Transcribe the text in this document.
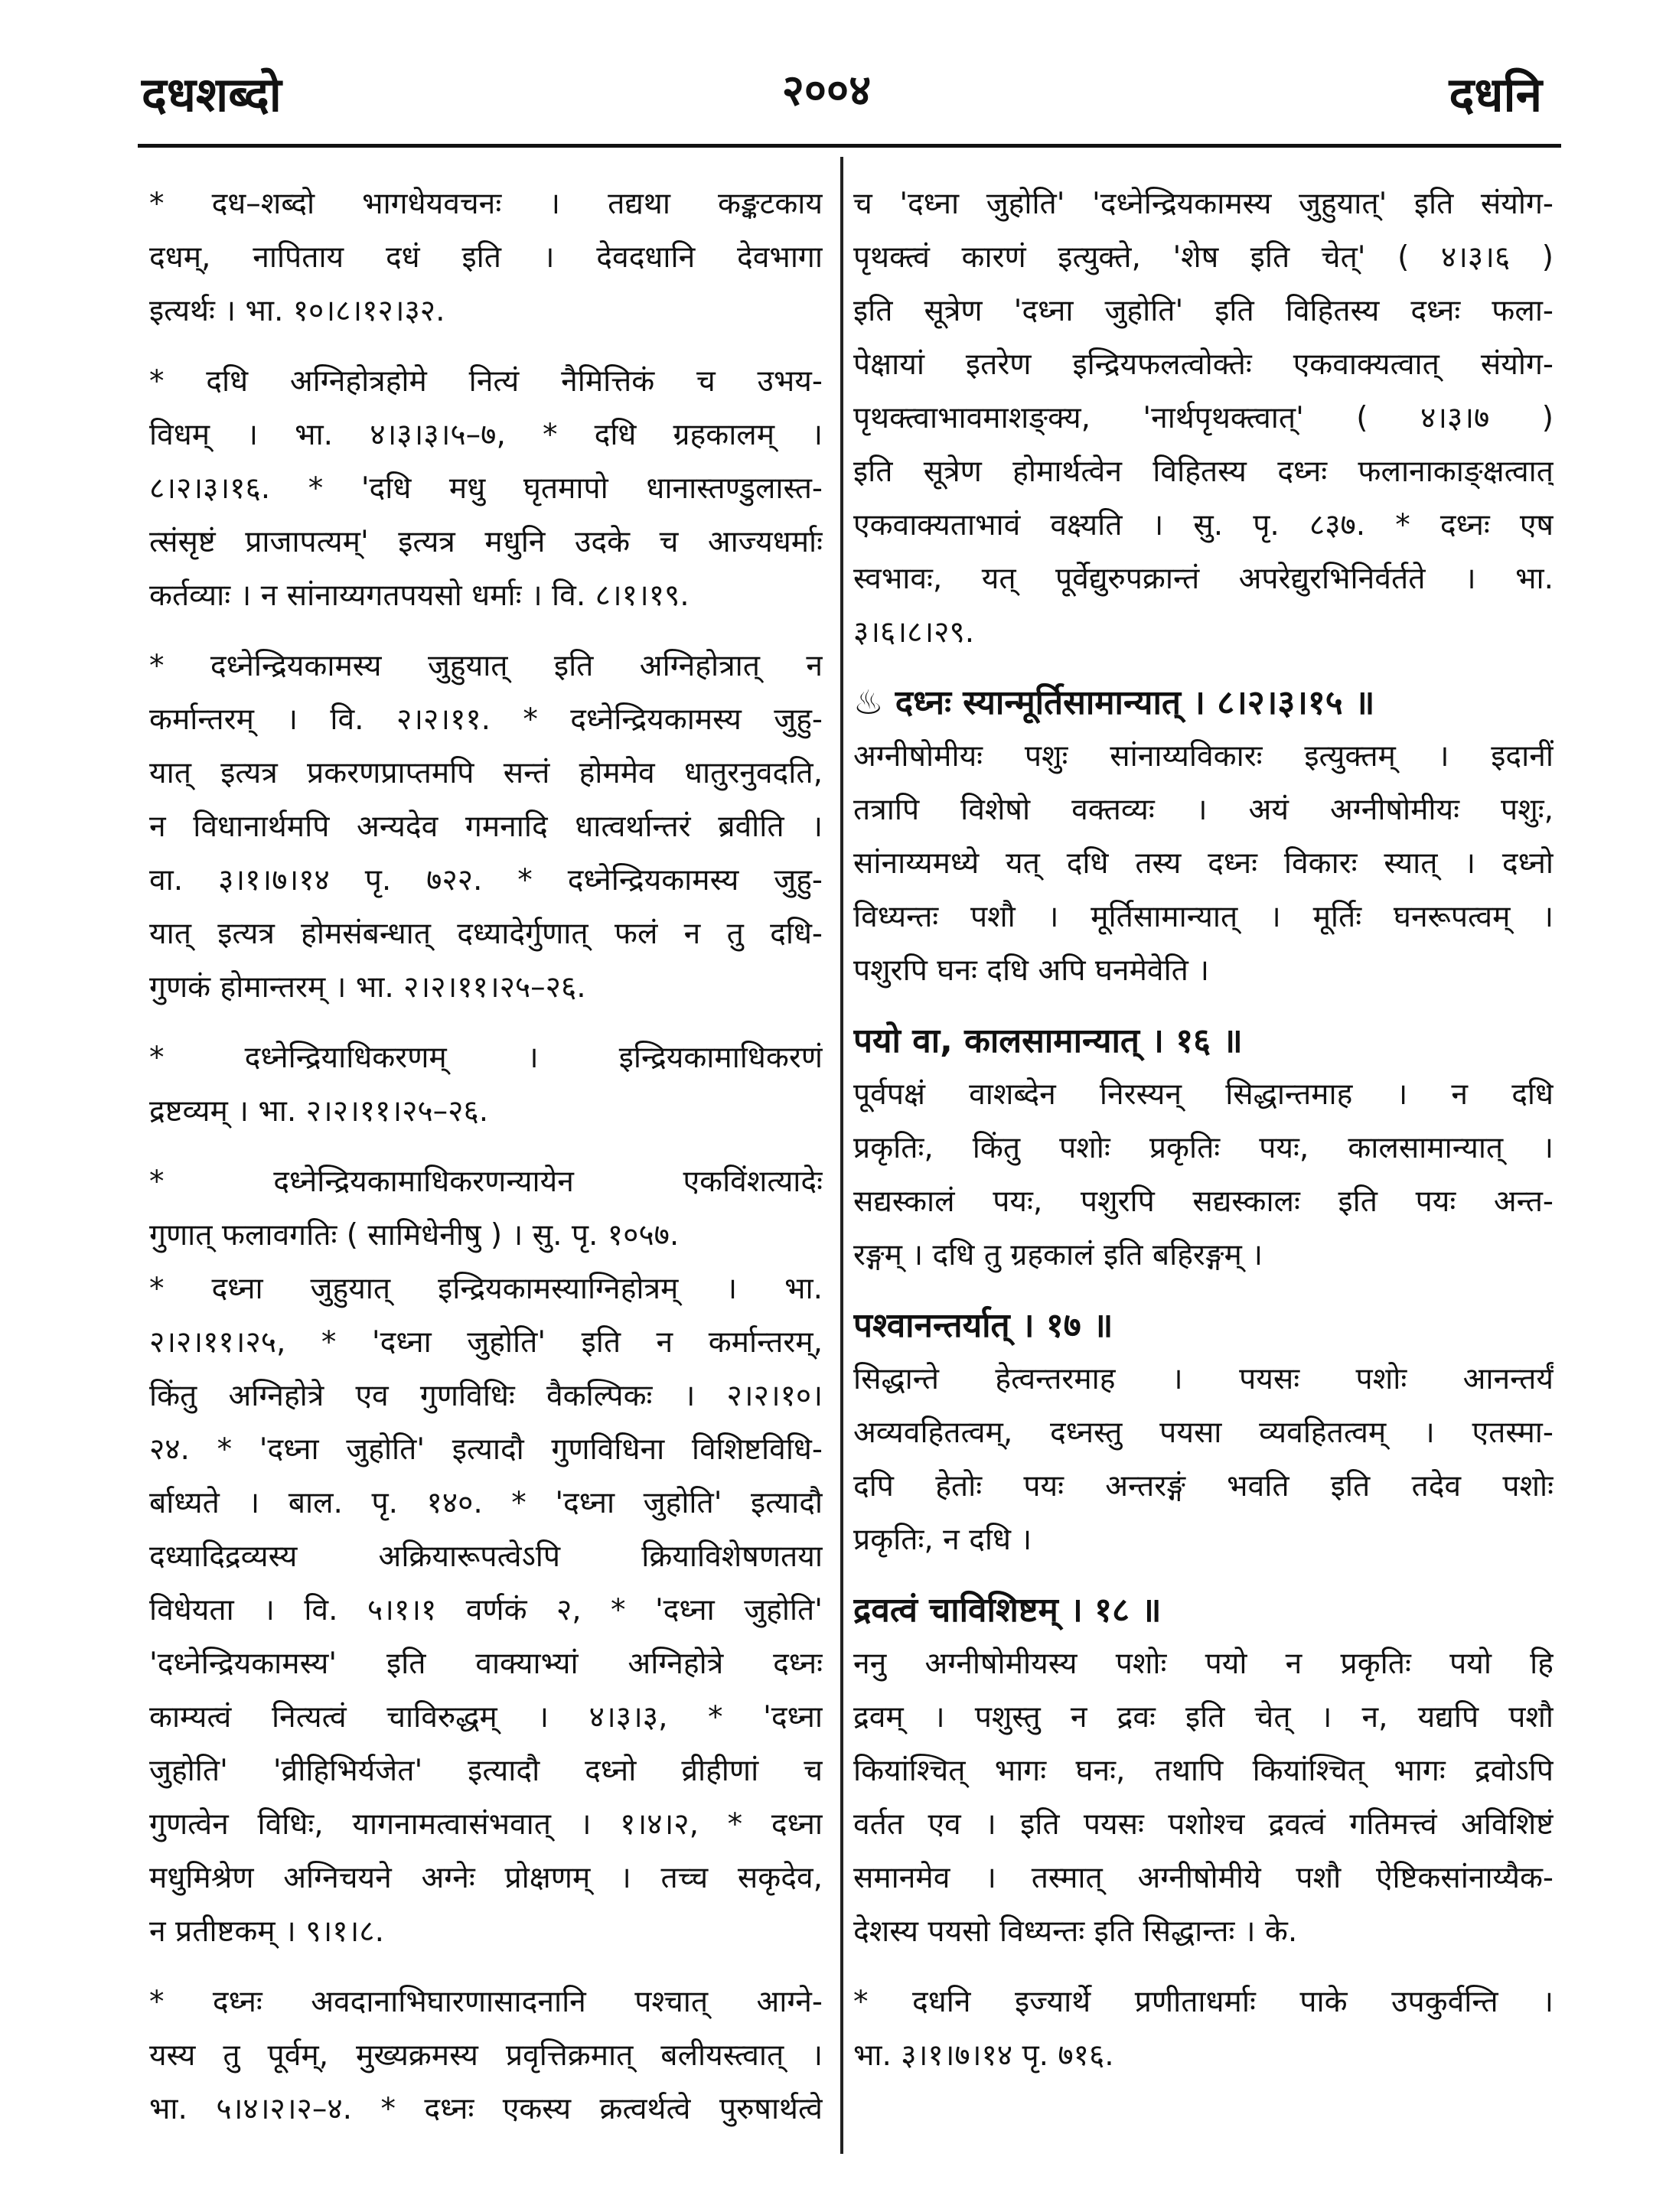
दधशब्दो	२००४	दधनि
* दध–शब्दो भागधेयवचनः । तद्यथा कङ्कटकाय
दधम्, नापिताय दधं इति । देवदधानि देवभागा
इत्यर्थः । भा. १०।८।१२।३२.
* दधि अग्निहोत्रहोमे नित्यं नैमित्तिकं च उभय-
विधम् । भा. ४।३।३।५–७, * दधि ग्रहकालम् ।
८।२।३।१६. * 'दधि मधु घृतमापो धानास्तण्डुलास्त-
त्संसृष्टं प्राजापत्यम्' इत्यत्र मधुनि उदके च आज्यधर्माः
कर्तव्याः । न सांनाय्यगतपयसो धर्माः । वि. ८।१।१९.
* दध्नेन्द्रियकामस्य जुहुयात् इति अग्निहोत्रात् न
कर्मान्तरम् । वि. २।२।११. * दध्नेन्द्रियकामस्य जुहु-
यात् इत्यत्र प्रकरणप्राप्तमपि सन्तं होममेव धातुरनुवदति,
न विधानार्थमपि अन्यदेव गमनादि धात्वर्थान्तरं ब्रवीति ।
वा. ३।१।७।१४ पृ. ७२२. * दध्नेन्द्रियकामस्य जुहु-
यात् इत्यत्र होमसंबन्धात् दध्यादेर्गुणात् फलं न तु दधि-
गुणकं होमान्तरम् । भा. २।२।११।२५–२६.
* दध्नेन्द्रियाधिकरणम् । इन्द्रियकामाधिकरणं
द्रष्टव्यम् । भा. २।२।११।२५–२६.
* दध्नेन्द्रियकामाधिकरणन्यायेन एकविंशत्यादेः
गुणात् फलावगतिः ( सामिधेनीषु ) । सु. पृ. १०५७.
* दध्ना जुहुयात् इन्द्रियकामस्याग्निहोत्रम् । भा.
२।२।११।२५, * 'दध्ना जुहोति' इति न कर्मान्तरम्,
किंतु अग्निहोत्रे एव गुणविधिः वैकल्पिकः । २।२।१०।
२४. * 'दध्ना जुहोति' इत्यादौ गुणविधिना विशिष्टविधि-
र्बाध्यते । बाल. पृ. १४०. * 'दध्ना जुहोति' इत्यादौ
दध्यादिद्रव्यस्य अक्रियारूपत्वेऽपि क्रियाविशेषणतया
विधेयता । वि. ५।१।१ वर्णकं २, * 'दध्ना जुहोति'
'दध्नेन्द्रियकामस्य' इति वाक्याभ्यां अग्निहोत्रे दध्नः
काम्यत्वं नित्यत्वं चाविरुद्धम् । ४।३।३, * 'दध्ना
जुहोति' 'व्रीहिभिर्यजेत' इत्यादौ दध्नो व्रीहीणां च
गुणत्वेन विधिः, यागनामत्वासंभवात् । १।४।२, * दध्ना
मधुमिश्रेण अग्निचयने अग्नेः प्रोक्षणम् । तच्च सकृदेव,
न प्रतीष्टकम् । ९।१।८.
* दध्नः अवदानाभिघारणासादनानि पश्चात् आग्ने-
यस्य तु पूर्वम्, मुख्यक्रमस्य प्रवृत्तिक्रमात् बलीयस्त्वात् ।
भा. ५।४।२।२–४. * दध्नः एकस्य क्रत्वर्थत्वे पुरुषार्थत्वे
च 'दध्ना जुहोति' 'दध्नेन्द्रियकामस्य जुहुयात्' इति संयोग-
पृथक्त्वं कारणं इत्युक्ते, 'शेष इति चेत्' ( ४।३।६ )
इति सूत्रेण 'दध्ना जुहोति' इति विहितस्य दध्नः फला-
पेक्षायां इतरेण इन्द्रियफलत्वोक्तेः एकवाक्यत्वात् संयोग-
पृथक्त्वाभावमाशङ्क्य, 'नार्थपृथक्त्वात्' ( ४।३।७ )
इति सूत्रेण होमार्थत्वेन विहितस्य दध्नः फलानाकाङ्क्षत्वात्
एकवाक्यताभावं वक्ष्यति । सु. पृ. ८३७. * दध्नः एष
स्वभावः, यत् पूर्वेद्युरुपक्रान्तं अपरेद्युरभिनिर्वर्तते । भा.
३।६।८।२९.
♨ दध्नः स्यान्मूर्तिसामान्यात् । ८।२।३।१५ ॥
अग्नीषोमीयः पशुः सांनाय्यविकारः इत्युक्तम् । इदानीं
तत्रापि विशेषो वक्तव्यः । अयं अग्नीषोमीयः पशुः,
सांनाय्यमध्ये यत् दधि तस्य दध्नः विकारः स्यात् । दध्नो
विध्यन्तः पशौ । मूर्तिसामान्यात् । मूर्तिः घनरूपत्वम् ।
पशुरपि घनः दधि अपि घनमेवेति ।
पयो वा, कालसामान्यात् । १६ ॥
पूर्वपक्षं वाशब्देन निरस्यन् सिद्धान्तमाह । न दधि
प्रकृतिः, किंतु पशोः प्रकृतिः पयः, कालसामान्यात् ।
सद्यस्कालं पयः, पशुरपि सद्यस्कालः इति पयः अन्त-
रङ्गम् । दधि तु ग्रहकालं इति बहिरङ्गम् ।
पश्वानन्तर्यात् । १७ ॥
सिद्धान्ते हेत्वन्तरमाह । पयसः पशोः आनन्तर्यं
अव्यवहितत्वम्, दध्नस्तु पयसा व्यवहितत्वम् । एतस्मा-
दपि हेतोः पयः अन्तरङ्गं भवति इति तदेव पशोः
प्रकृतिः, न दधि ।
द्रवत्वं चाविशिष्टम् । १८ ॥
ननु अग्नीषोमीयस्य पशोः पयो न प्रकृतिः पयो हि
द्रवम् । पशुस्तु न द्रवः इति चेत् । न, यद्यपि पशौ
कियांश्चित् भागः घनः, तथापि कियांश्चित् भागः द्रवोऽपि
वर्तत एव । इति पयसः पशोश्च द्रवत्वं गतिमत्त्वं अविशिष्टं
समानमेव । तस्मात् अग्नीषोमीये पशौ ऐष्टिकसांनाय्यैक-
देशस्य पयसो विध्यन्तः इति सिद्धान्तः । के.
* दधनि इज्यार्थे प्रणीताधर्माः पाके उपकुर्वन्ति ।
भा. ३।१।७।१४ पृ. ७१६.
